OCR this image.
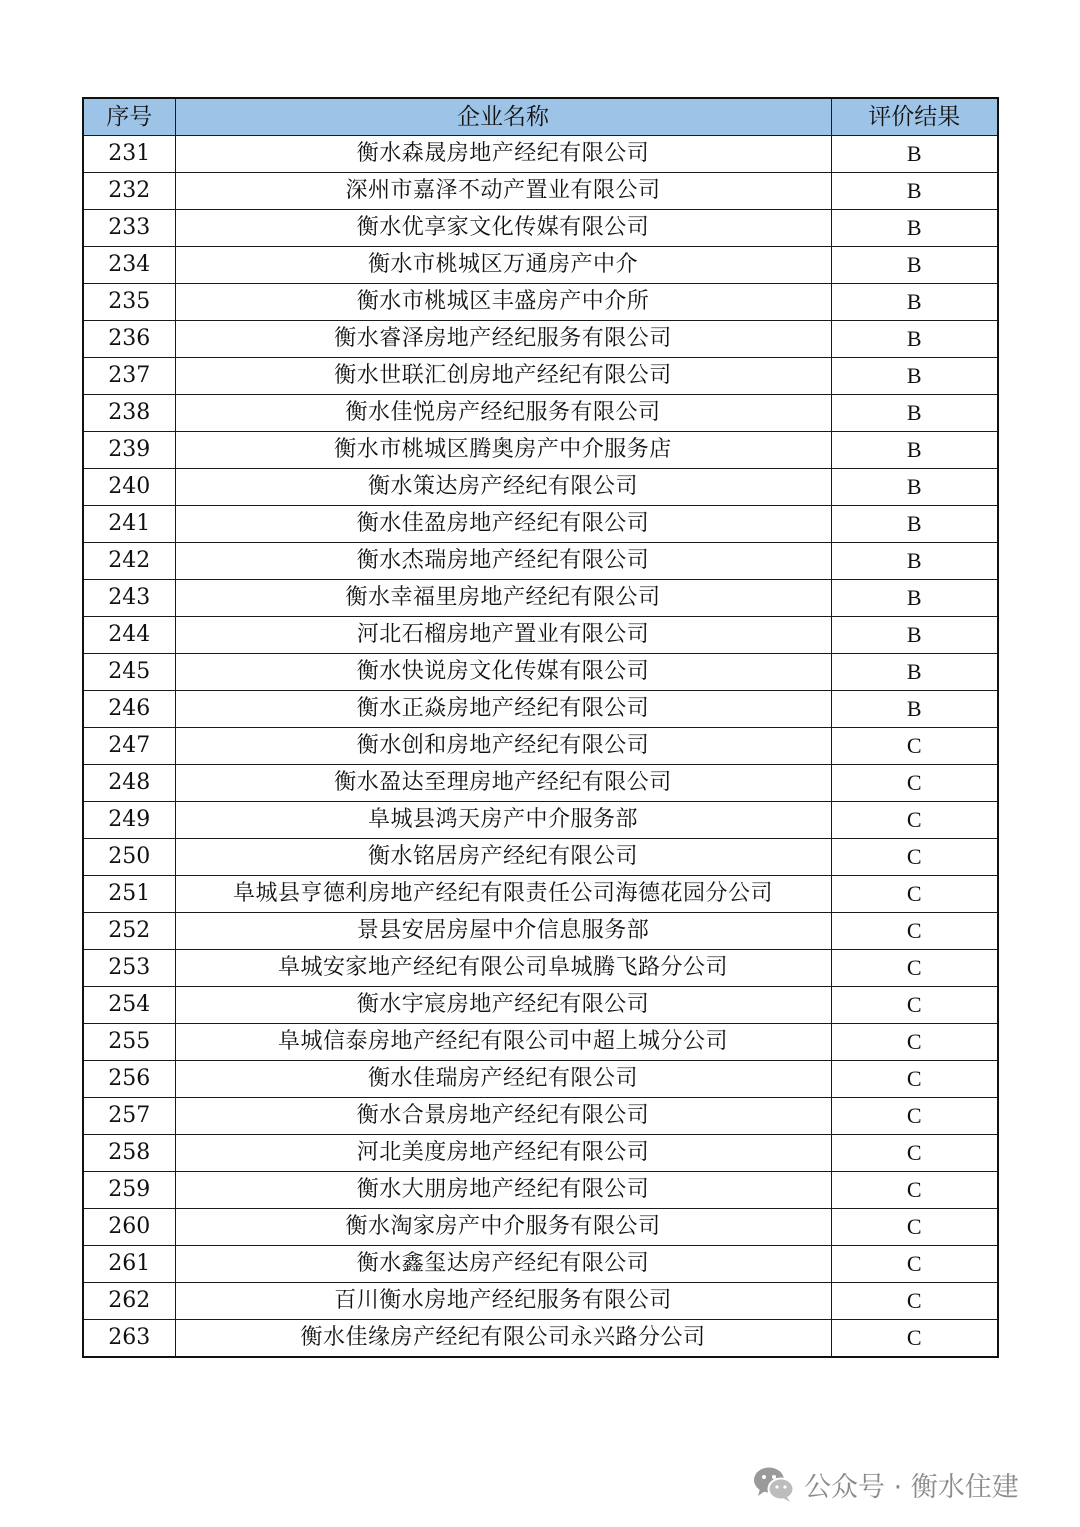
序号	企业名称	评价结果
231	衡水森晟房地产经纪有限公司	B
232	深州市嘉泽不动产置业有限公司	B
233	衡水优享家文化传媒有限公司	B
234	衡水市桃城区万通房产中介	B
235	衡水市桃城区丰盛房产中介所	B
236	衡水睿泽房地产经纪服务有限公司	B
237	衡水世联汇创房地产经纪有限公司	B
238	衡水佳悦房产经纪服务有限公司	B
239	衡水市桃城区腾奥房产中介服务店	B
240	衡水策达房产经纪有限公司	B
241	衡水佳盈房地产经纪有限公司	B
242	衡水杰瑞房地产经纪有限公司	B
243	衡水幸福里房地产经纪有限公司	B
244	河北石榴房地产置业有限公司	B
245	衡水快说房文化传媒有限公司	B
246	衡水正焱房地产经纪有限公司	B
247	衡水创和房地产经纪有限公司	C
248	衡水盈达至理房地产经纪有限公司	C
249	阜城县鸿天房产中介服务部	C
250	衡水铭居房产经纪有限公司	C
251	阜城县亨德利房地产经纪有限责任公司海德花园分公司	C
252	景县安居房屋中介信息服务部	C
253	阜城安家地产经纪有限公司阜城腾飞路分公司	C
254	衡水宇宸房地产经纪有限公司	C
255	阜城信泰房地产经纪有限公司中超上城分公司	C
256	衡水佳瑞房产经纪有限公司	C
257	衡水合景房地产经纪有限公司	C
258	河北美度房地产经纪有限公司	C
259	衡水大朋房地产经纪有限公司	C
260	衡水淘家房产中介服务有限公司	C
261	衡水鑫玺达房产经纪有限公司	C
262	百川衡水房地产经纪服务有限公司	C
263	衡水佳缘房产经纪有限公司永兴路分公司	C
公众号 · 衡水住建
